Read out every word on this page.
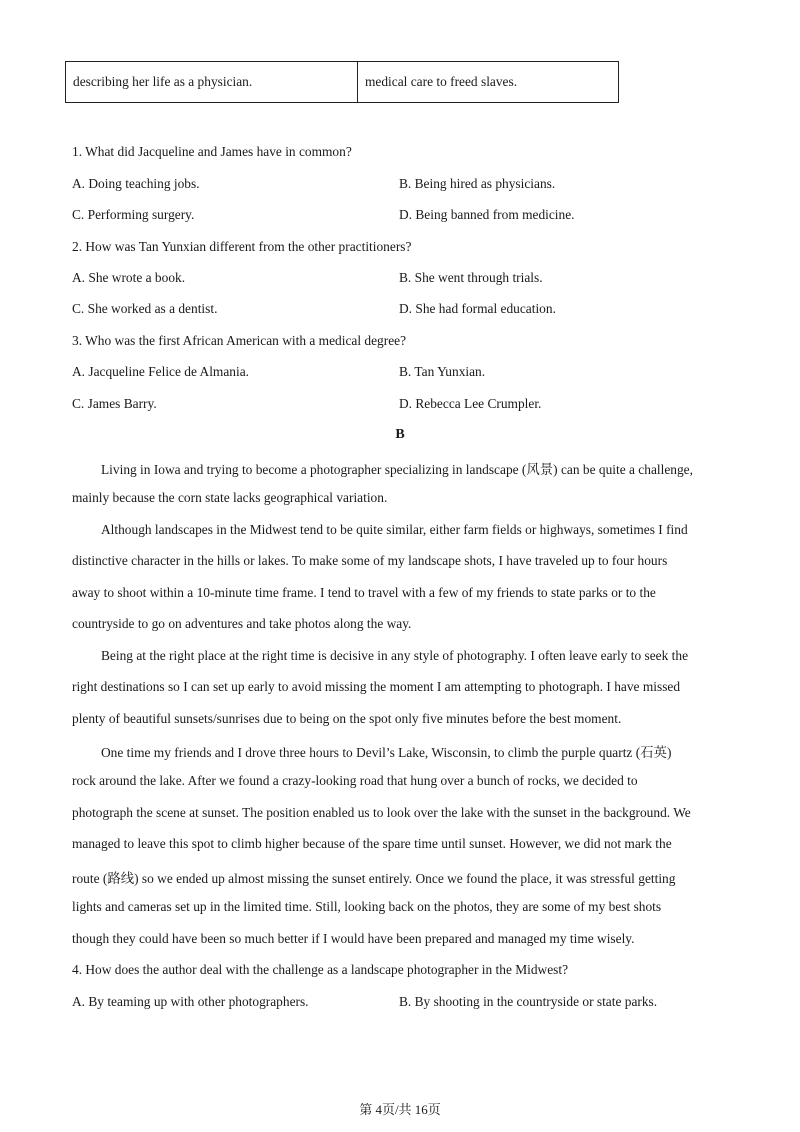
describing her life as a physician.	medical care to freed slaves.
1. What did Jacqueline and James have in common?
A. Doing teaching jobs.	B. Being hired as physicians.
C. Performing surgery.	D. Being banned from medicine.
2. How was Tan Yunxian different from the other practitioners?
A. She wrote a book.	B. She went through trials.
C. She worked as a dentist.	D. She had formal education.
3. Who was the first African American with a medical degree?
A. Jacqueline Felice de Almania.	B. Tan Yunxian.
C. James Barry.	D. Rebecca Lee Crumpler.
B
Living in Iowa and trying to become a photographer specializing in landscape (风景) can be quite a challenge,
mainly because the corn state lacks geographical variation.
Although landscapes in the Midwest tend to be quite similar, either farm fields or highways, sometimes I find
distinctive character in the hills or lakes. To make some of my landscape shots, I have traveled up to four hours
away to shoot within a 10-minute time frame. I tend to travel with a few of my friends to state parks or to the
countryside to go on adventures and take photos along the way.
Being at the right place at the right time is decisive in any style of photography. I often leave early to seek the
right destinations so I can set up early to avoid missing the moment I am attempting to photograph. I have missed
plenty of beautiful sunsets/sunrises due to being on the spot only five minutes before the best moment.
One time my friends and I drove three hours to Devil’s Lake, Wisconsin, to climb the purple quartz (石英)
rock around the lake. After we found a crazy-looking road that hung over a bunch of rocks, we decided to
photograph the scene at sunset. The position enabled us to look over the lake with the sunset in the background. We
managed to leave this spot to climb higher because of the spare time until sunset. However, we did not mark the
route (路线) so we ended up almost missing the sunset entirely. Once we found the place, it was stressful getting
lights and cameras set up in the limited time. Still, looking back on the photos, they are some of my best shots
though they could have been so much better if I would have been prepared and managed my time wisely.
4. How does the author deal with the challenge as a landscape photographer in the Midwest?
A. By teaming up with other photographers.	B. By shooting in the countryside or state parks.
第 4页/共 16页
